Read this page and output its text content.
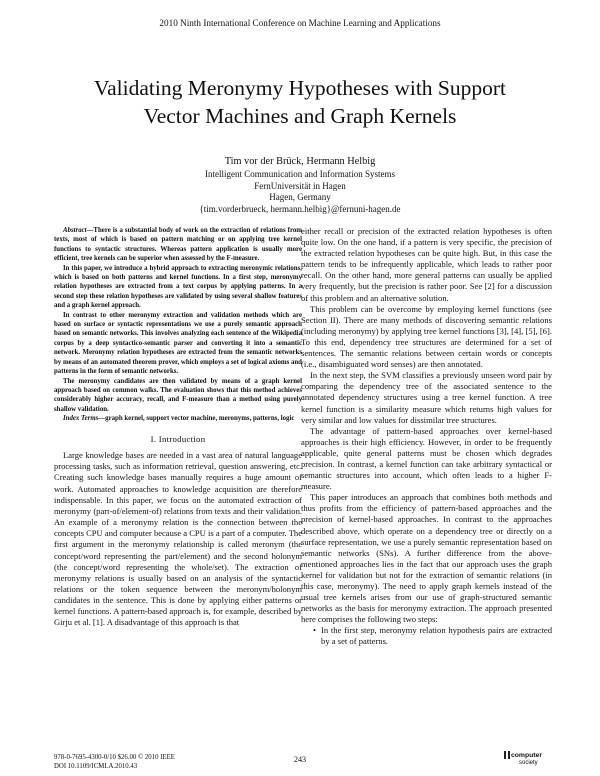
2010 Ninth International Conference on Machine Learning and Applications
Validating Meronymy Hypotheses with Support
Vector Machines and Graph Kernels
Tim vor der Brück, Hermann Helbig
Intelligent Communication and Information Systems
FernUniversität in Hagen
Hagen, Germany
{tim.vorderbrueck, hermann.helbig}@fernuni-hagen.de

Abstract—There is a substantial body of work on the extraction of relations from texts, most of which is based on pattern matching or on applying tree kernel functions to syntactic structures. Whereas pattern application is usually more efficient, tree kernels can be superior when assessed by the F-measure.

In this paper, we introduce a hybrid approach to extracting meronymic relations, which is based on both patterns and kernel functions. In a first step, meronymy relation hypotheses are extracted from a text corpus by applying patterns. In a second step these relation hypotheses are validated by using several shallow features and a graph kernel approach.

In contrast to other meronymy extraction and validation methods which are based on surface or syntactic representations we use a purely semantic approach based on semantic networks. This involves analyzing each sentence of the Wikipedia corpus by a deep syntactico-semantic parser and converting it into a semantic network. Meronymy relation hypotheses are extracted from the semantic networks by means of an automated theorem prover, which employs a set of logical axioms and patterns in the form of semantic networks.

The meronymy candidates are then validated by means of a graph kernel approach based on common walks. The evaluation shows that this method achieves considerably higher accuracy, recall, and F-measure than a method using purely shallow validation.

Index Terms—graph kernel, support vector machine, meronyms, patterns, logic

I. Introduction

Large knowledge bases are needed in a vast area of natural language processing tasks, such as information retrieval, question answering, etc. Creating such knowledge bases manually requires a huge amount of work. Automated approaches to knowledge acquisition are therefore indispensable. In this paper, we focus on the automated extraction of meronymy (part-of/element-of) relations from texts and their validation. An example of a meronymy relation is the connection between the concepts CPU and computer because a CPU is a part of a computer. The first argument in the meronymy relationship is called meronym (the concept/word representing the part/element) and the second holonym (the concept/word representing the whole/set). The extraction of meronymy relations is usually based on an analysis of the syntactic relations or the token sequence between the meronym/holonym candidates in the sentence. This is done by applying either patterns or kernel functions. A pattern-based approach is, for example, described by Girju et al. [1]. A disadvantage of this approach is that

either recall or precision of the extracted relation hypotheses is often quite low. On the one hand, if a pattern is very specific, the precision of the extracted relation hypotheses can be quite high. But, in this case the pattern tends to be infrequently applicable, which leads to rather poor recall. On the other hand, more general patterns can usually be applied very frequently, but the precision is rather poor. See [2] for a discussion of this problem and an alternative solution.

This problem can be overcome by employing kernel functions (see Section II). There are many methods of discovering semantic relations (including meronymy) by applying tree kernel functions [3], [4], [5], [6]. To this end, dependency tree structures are determined for a set of sentences. The semantic relations between certain words or concepts (i.e., disambiguated word senses) are then annotated.

In the next step, the SVM classifies a previously unseen word pair by comparing the dependency tree of the associated sentence to the annotated dependency structures using a tree kernel function. A tree kernel function is a similarity measure which returns high values for very similar and low values for dissimilar tree structures.

The advantage of pattern-based approaches over kernel-based approaches is their high efficiency. However, in order to be frequently applicable, quite general patterns must be chosen which degrades precision. In contrast, a kernel function can take arbitrary syntactical or semantic structures into account, which often leads to a higher F-measure.

This paper introduces an approach that combines both methods and thus profits from the efficiency of pattern-based approaches and the precision of kernel-based approaches. In contrast to the approaches described above, which operate on a dependency tree or directly on a surface representation, we use a purely semantic representation based on semantic networks (SNs). A further difference from the above-mentioned approaches lies in the fact that our approach uses the graph kernel for validation but not for the extraction of semantic relations (in this case, meronymy). The need to apply graph kernels instead of the usual tree kernels arises from our use of graph-structured semantic networks as the basis for meronymy extraction. The approach presented here comprises the following two steps:

• In the first step, meronymy relation hypothesis pairs are extracted by a set of patterns.
978-0-7695-4300-0/10 $26.00 © 2010 IEEE
DOI 10.1109/ICMLA.2010.43
243	computer
society
